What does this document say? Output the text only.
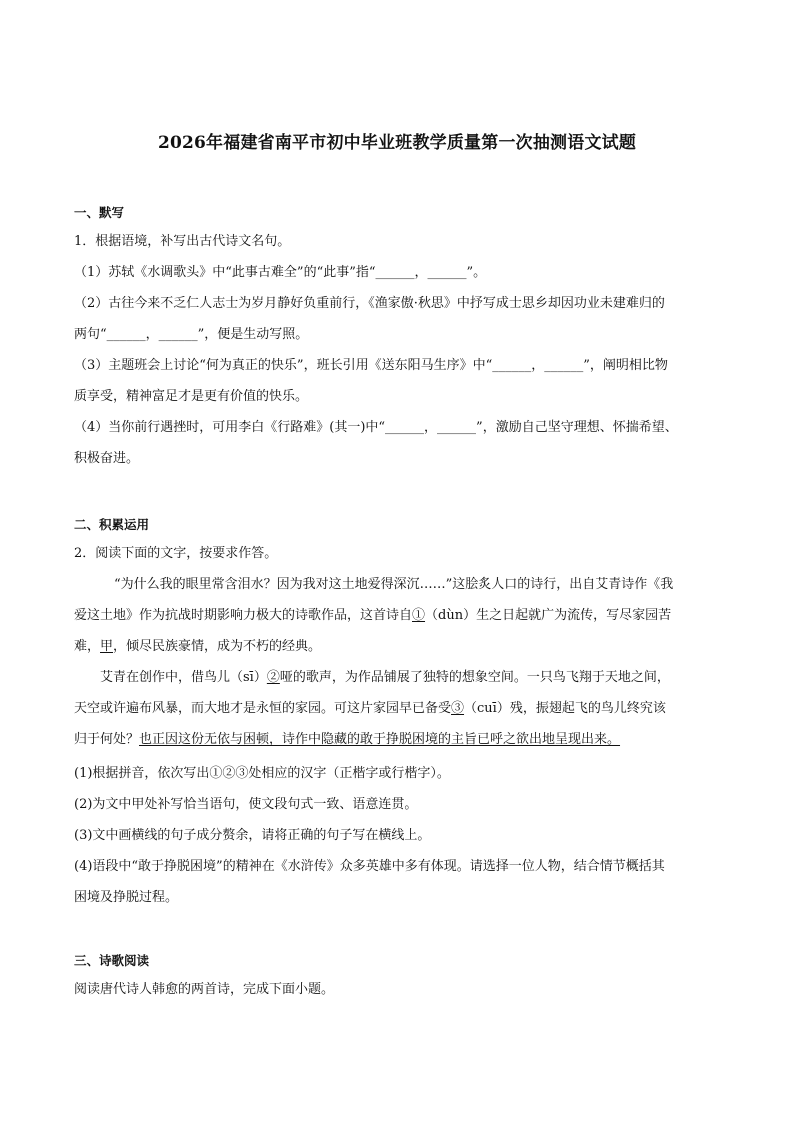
2026年福建省南平市初中毕业班教学质量第一次抽测语文试题
一、默写
1．根据语境，补写出古代诗文名句。
（1）苏轼《水调歌头》中“此事古难全”的“此事”指“______，______”。
（2）古往今来不乏仁人志士为岁月静好负重前行，《渔家傲·秋思》中抒写成士思乡却因功业未建难归的
两句“______，______”，便是生动写照。
（3）主题班会上讨论“何为真正的快乐”，班长引用《送东阳马生序》中“______，______”，阐明相比物
质享受，精神富足才是更有价值的快乐。
（4）当你前行遇挫时，可用李白《行路难》(其一)中“______，______”，激励自己坚守理想、怀揣希望、
积极奋进。
二、积累运用
2．阅读下面的文字，按要求作答。
“为什么我的眼里常含泪水？因为我对这土地爱得深沉……”这脍炙人口的诗行，出自艾青诗作《我
爱这土地》作为抗战时期影响力极大的诗歌作品，这首诗自①（dùn）生之日起就广为流传，写尽家园苦
难，甲，倾尽民族豪情，成为不朽的经典。
艾青在创作中，借鸟儿（sī）②哑的歌声，为作品铺展了独特的想象空间。一只鸟飞翔于天地之间，
天空或许遍布风暴，而大地才是永恒的家园。可这片家园早已备受③（cuī）残，振翅起飞的鸟儿终究该
归于何处？也正因这份无依与困顿，诗作中隐藏的敢于挣脱困境的主旨已呼之欲出地呈现出来。
(1)根据拼音，依次写出①②③处相应的汉字（正楷字或行楷字）。
(2)为文中甲处补写恰当语句，使文段句式一致、语意连贯。
(3)文中画横线的句子成分赘余，请将正确的句子写在横线上。
(4)语段中“敢于挣脱困境”的精神在《水浒传》众多英雄中多有体现。请选择一位人物，结合情节概括其
困境及挣脱过程。
三、诗歌阅读
阅读唐代诗人韩愈的两首诗，完成下面小题。
